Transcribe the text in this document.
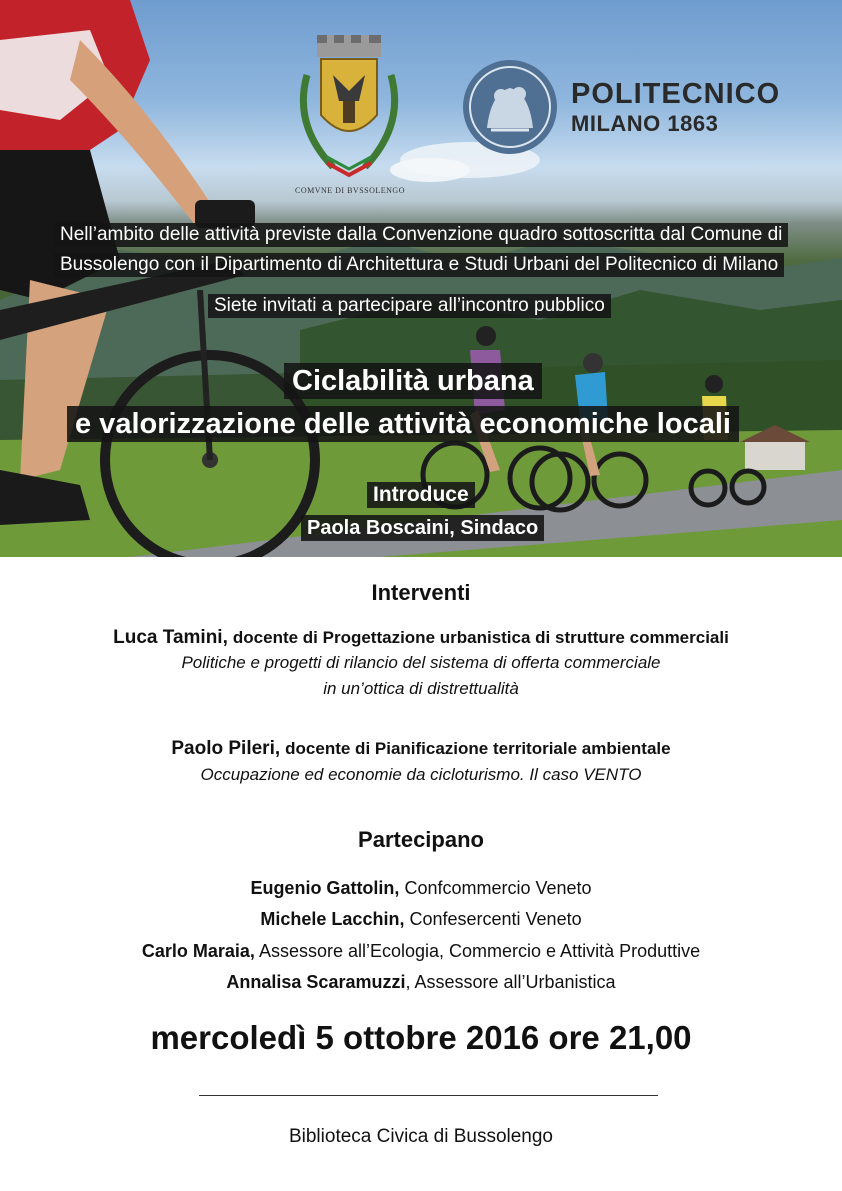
COMVNE DI BVSSOLENGO
POLITECNICO
MILANO 1863
Nell’ambito delle attività previste dalla Convenzione quadro sottoscritta dal Comune di
Bussolengo con il Dipartimento di Architettura e Studi Urbani del Politecnico di Milano
Siete invitati a partecipare all’incontro pubblico
Ciclabilità urbana
e valorizzazione delle attività economiche locali
Introduce
Paola Boscaini, Sindaco
Interventi
Luca Tamini, docente di Progettazione urbanistica di strutture commerciali
Politiche e progetti di rilancio del sistema di offerta commerciale
in un’ottica di distrettualità
Paolo Pileri, docente di Pianificazione territoriale ambientale
Occupazione ed economie da cicloturismo. Il caso VENTO
Partecipano
Eugenio Gattolin, Confcommercio Veneto
Michele Lacchin, Confesercenti Veneto
Carlo Maraia, Assessore all’Ecologia, Commercio e Attività Produttive
Annalisa Scaramuzzi, Assessore all’Urbanistica
mercoledì 5 ottobre 2016 ore 21,00
Biblioteca Civica di Bussolengo
